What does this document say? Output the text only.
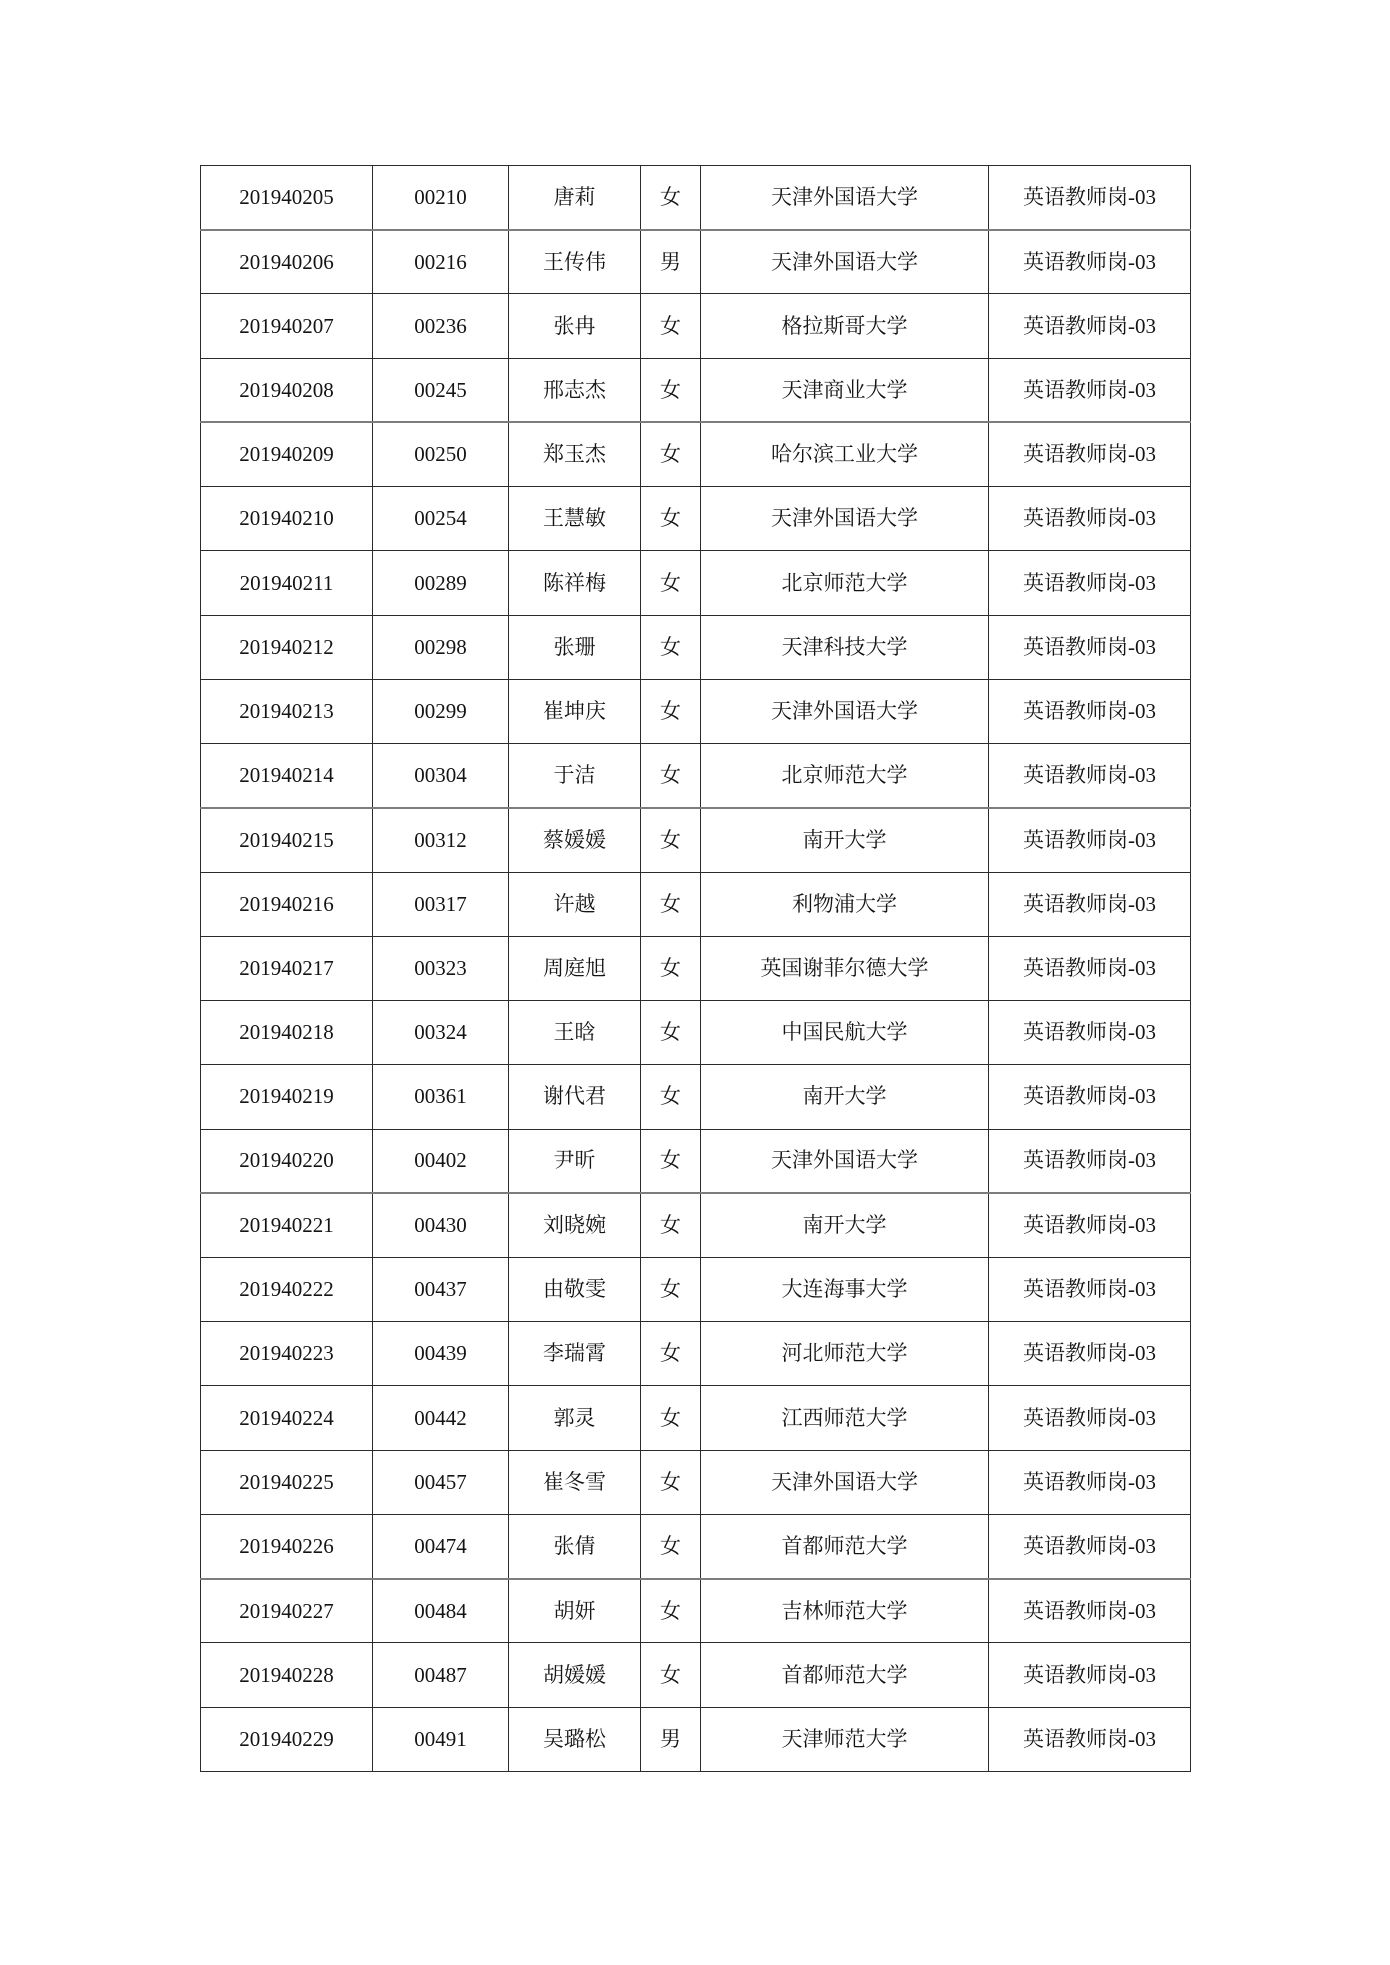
201940205	00210	唐莉	女	天津外国语大学	英语教师岗-03
201940206	00216	王传伟	男	天津外国语大学	英语教师岗-03
201940207	00236	张冉	女	格拉斯哥大学	英语教师岗-03
201940208	00245	邢志杰	女	天津商业大学	英语教师岗-03
201940209	00250	郑玉杰	女	哈尔滨工业大学	英语教师岗-03
201940210	00254	王慧敏	女	天津外国语大学	英语教师岗-03
201940211	00289	陈祥梅	女	北京师范大学	英语教师岗-03
201940212	00298	张珊	女	天津科技大学	英语教师岗-03
201940213	00299	崔坤庆	女	天津外国语大学	英语教师岗-03
201940214	00304	于洁	女	北京师范大学	英语教师岗-03
201940215	00312	蔡媛媛	女	南开大学	英语教师岗-03
201940216	00317	许越	女	利物浦大学	英语教师岗-03
201940217	00323	周庭旭	女	英国谢菲尔德大学	英语教师岗-03
201940218	00324	王晗	女	中国民航大学	英语教师岗-03
201940219	00361	谢代君	女	南开大学	英语教师岗-03
201940220	00402	尹昕	女	天津外国语大学	英语教师岗-03
201940221	00430	刘晓婉	女	南开大学	英语教师岗-03
201940222	00437	由敬雯	女	大连海事大学	英语教师岗-03
201940223	00439	李瑞霄	女	河北师范大学	英语教师岗-03
201940224	00442	郭灵	女	江西师范大学	英语教师岗-03
201940225	00457	崔冬雪	女	天津外国语大学	英语教师岗-03
201940226	00474	张倩	女	首都师范大学	英语教师岗-03
201940227	00484	胡妍	女	吉林师范大学	英语教师岗-03
201940228	00487	胡媛媛	女	首都师范大学	英语教师岗-03
201940229	00491	吴璐松	男	天津师范大学	英语教师岗-03
